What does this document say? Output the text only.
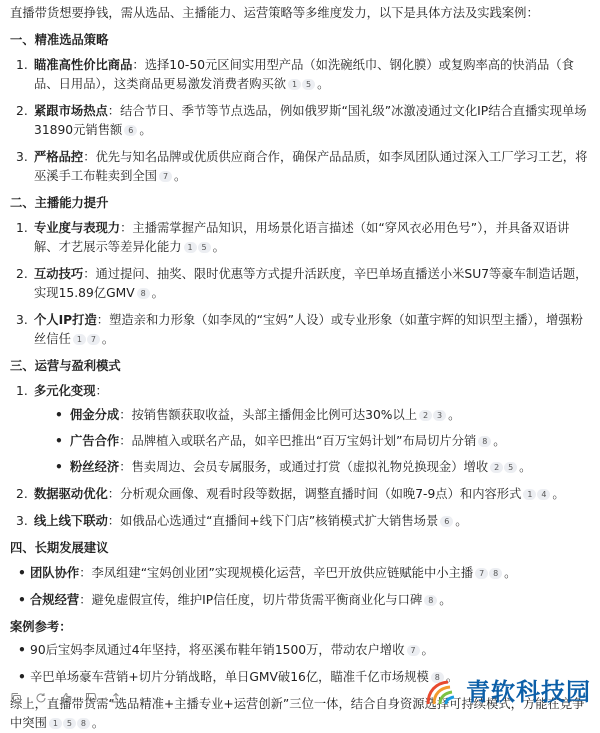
直播带货想要挣钱，需从选品、主播能力、运营策略等多维度发力，以下是具体方法及实践案例：

一、精准选品策略
1. 瞄准高性价比商品：选择10-50元区间实用型产品（如洗碗纸巾、钢化膜）或复购率高的快消品（食品、日用品），这类商品更易激发消费者购买欲 1	5 。
2. 紧跟市场热点：结合节日、季节等节点选品，例如俄罗斯“国礼级”冰激凌通过文化IP结合直播实现单场31890元销售额 6 。
3. 严格品控：优先与知名品牌或优质供应商合作，确保产品品质，如李凤团队通过深入工厂学习工艺，将巫溪手工布鞋卖到全国 7 。
二、主播能力提升
1. 专业度与表现力：主播需掌握产品知识，用场景化语言描述（如“穿风衣必用色号”），并具备双语讲解、才艺展示等差异化能力 1	5 。
2. 互动技巧：通过提问、抽奖、限时优惠等方式提升活跃度，辛巴单场直播送小米SU7等豪车制造话题，实现15.89亿GMV 8 。
3. 个人IP打造：塑造亲和力形象（如李凤的“宝妈”人设）或专业形象（如董宇辉的知识型主播），增强粉丝信任 1	7 。
三、运营与盈利模式
1. 多元化变现：
• 佣金分成：按销售额获取收益，头部主播佣金比例可达30%以上 2	3 。
• 广告合作：品牌植入或联名产品，如辛巴推出“百万宝妈计划”布局切片分销 8 。
• 粉丝经济：售卖周边、会员专属服务，或通过打赏（虚拟礼物兑换现金）增收 2	5 。
2. 数据驱动优化：分析观众画像、观看时段等数据，调整直播时间（如晚7-9点）和内容形式 1	4 。
3. 线上线下联动：如俄品心选通过“直播间+线下门店”核销模式扩大销售场景 6 。
四、长期发展建议
• 团队协作：李凤组建“宝妈创业团”实现规模化运营，辛巴开放供应链赋能中小主播 7	8 。
• 合规经营：避免虚假宣传，维护IP信任度，切片带货需平衡商业化与口碑 8 。
案例参考：
• 90后宝妈李凤通过4年坚持，将巫溪布鞋年销1500万，带动农户增收 7 。
• 辛巴单场豪车营销+切片分销战略，单日GMV破16亿，瞄准千亿市场规模 8 。

综上，直播带货需“选品精准+主播专业+运营创新”三位一体，结合自身资源选择可持续模式，方能在竞争中突围 1	5	8 。

青软科技园
